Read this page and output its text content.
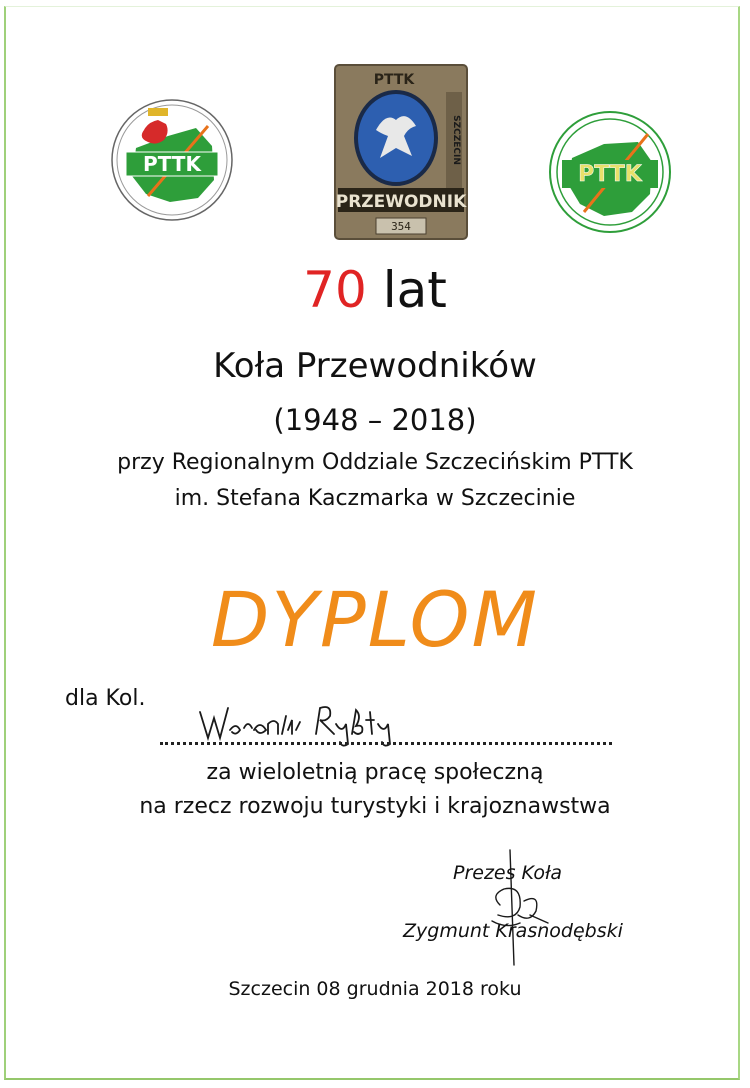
PTTK
PTTK
SZCZECIN
PRZEWODNIK
354
PTTK
70 lat
Koła Przewodników
(1948 – 2018)
przy Regionalnym Oddziale Szczecińskim PTTK
im. Stefana Kaczmarka w Szczecinie
DYPLOM
dla Kol.
za wieloletnią pracę społeczną
na rzecz rozwoju turystyki i krajoznawstwa
Prezes Koła
Zygmunt Krasnodębski
Szczecin 08 grudnia 2018 roku
